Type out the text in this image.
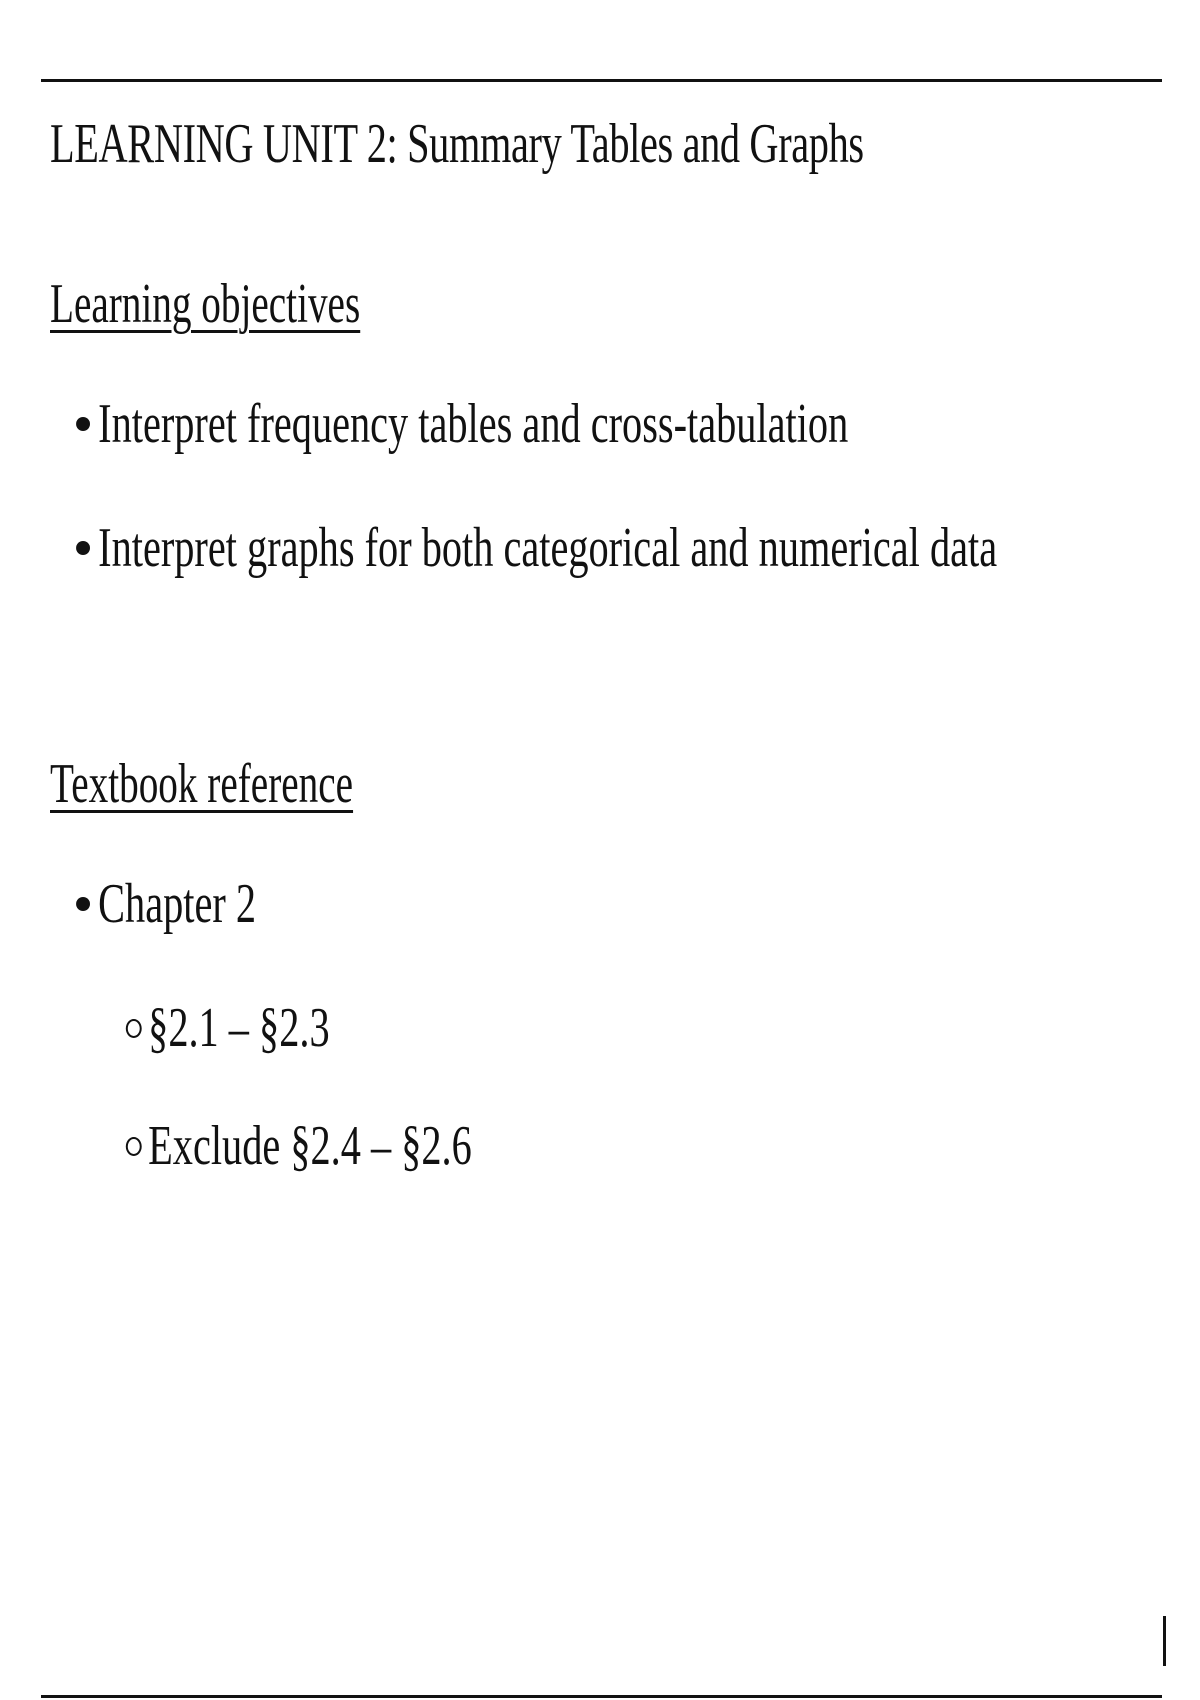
LEARNING UNIT 2: Summary Tables and Graphs
Learning objectives
Interpret frequency tables and cross-tabulation
Interpret graphs for both categorical and numerical data
Textbook reference
Chapter 2
§2.1 – §2.3
Exclude §2.4 – §2.6
